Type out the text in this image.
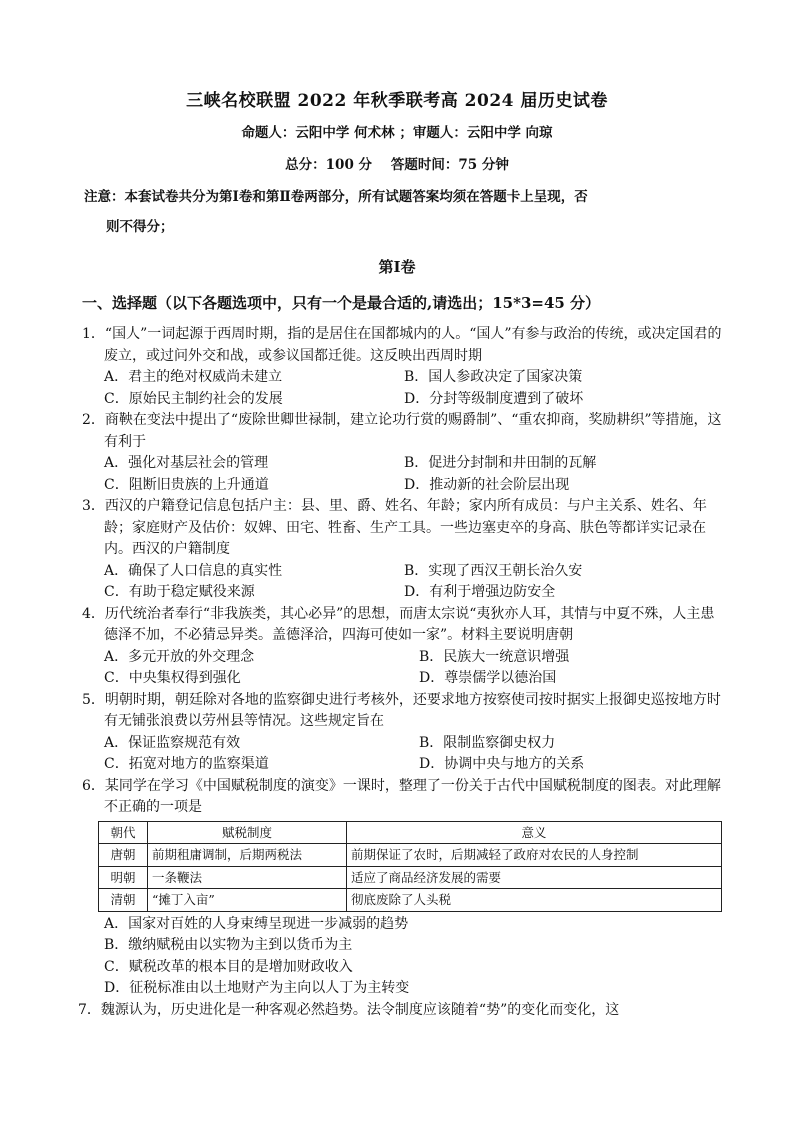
三峡名校联盟 2022 年秋季联考高 2024 届历史试卷
命题人：云阳中学 何术林 ；审题人：云阳中学 向琼
总分：100 分    答题时间：75 分钟
注意：本套试卷共分为第Ⅰ卷和第Ⅱ卷两部分，所有试题答案均须在答题卡上呈现，否
则不得分；
第Ⅰ卷
一、选择题（以下各题选项中，只有一个是最合适的,请选出；15*3=45 分）
1．“国人”一词起源于西周时期，指的是居住在国都城内的人。“国人”有参与政治的传统，或决定国君的废立，或过问外交和战，或参议国都迁徙。这反映出西周时期
A．君主的绝对权威尚未建立	B．国人参政决定了国家决策
C．原始民主制约社会的发展	D．分封等级制度遭到了破坏
2．商鞅在变法中提出了“废除世卿世禄制，建立论功行赏的赐爵制”、“重农抑商，奖励耕织”等措施，这有利于
A．强化对基层社会的管理	B．促进分封制和井田制的瓦解
C．阻断旧贵族的上升通道	D．推动新的社会阶层出现
3．西汉的户籍登记信息包括户主：县、里、爵、姓名、年龄；家内所有成员：与户主关系、姓名、年龄；家庭财产及估价：奴婢、田宅、牲畜、生产工具。一些边塞吏卒的身高、肤色等都详实记录在内。西汉的户籍制度
A．确保了人口信息的真实性	B．实现了西汉王朝长治久安
C．有助于稳定赋役来源	D．有利于增强边防安全
4．历代统治者奉行“非我族类，其心必异”的思想，而唐太宗说“夷狄亦人耳，其情与中夏不殊，人主患德泽不加，不必猜忌异类。盖德泽洽，四海可使如一家”。材料主要说明唐朝
A．多元开放的外交理念	B．民族大一统意识增强
C．中央集权得到强化	D．尊崇儒学以德治国
5．明朝时期，朝廷除对各地的监察御史进行考核外，还要求地方按察使司按时据实上报御史巡按地方时有无铺张浪费以劳州县等情况。这些规定旨在
A．保证监察规范有效	B．限制监察御史权力
C．拓宽对地方的监察渠道	D．协调中央与地方的关系
6．某同学在学习《中国赋税制度的演变》一课时，整理了一份关于古代中国赋税制度的图表。对此理解不正确的一项是
朝代	赋税制度	意义
唐朝	前期租庸调制，后期两税法	前期保证了农时，后期减轻了政府对农民的人身控制
明朝	一条鞭法	适应了商品经济发展的需要
清朝	“摊丁入亩”	彻底废除了人头税
A．国家对百姓的人身束缚呈现进一步减弱的趋势
B．缴纳赋税由以实物为主到以货币为主
C．赋税改革的根本目的是增加财政收入
D．征税标准由以土地财产为主向以人丁为主转变
7．魏源认为，历史进化是一种客观必然趋势。法令制度应该随着“势”的变化而变化，这
